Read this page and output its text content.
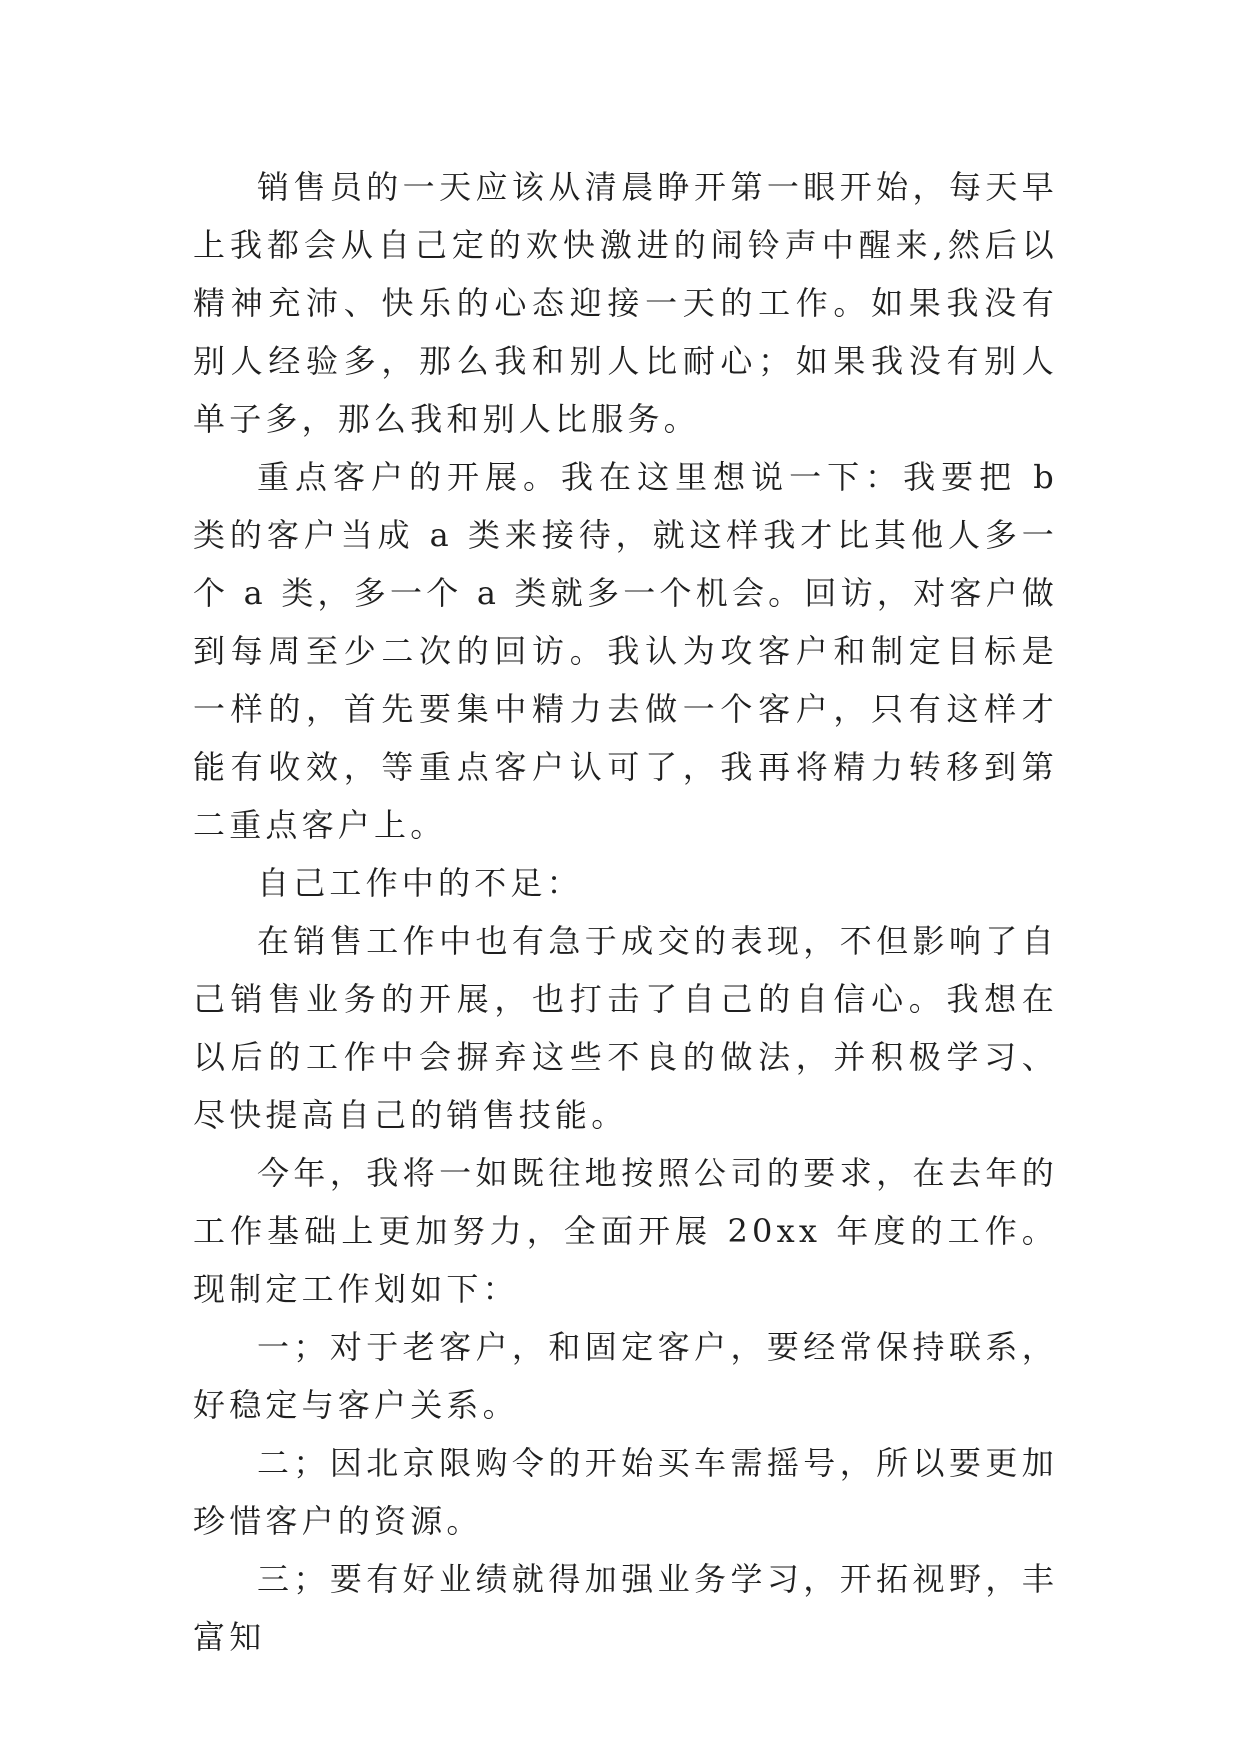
销售员的一天应该从清晨睁开第一眼开始，每天早上我都会从自己定的欢快激进的闹铃声中醒来,然后以精神充沛、快乐的心态迎接一天的工作。如果我没有别人经验多，那么我和别人比耐心；如果我没有别人单子多，那么我和别人比服务。

重点客户的开展。我在这里想说一下：我要把 b 类的客户当成 a 类来接待，就这样我才比其他人多一个 a 类，多一个 a 类就多一个机会。回访，对客户做到每周至少二次的回访。我认为攻客户和制定目标是一样的，首先要集中精力去做一个客户，只有这样才能有收效，等重点客户认可了，我再将精力转移到第二重点客户上。

自己工作中的不足：

在销售工作中也有急于成交的表现，不但影响了自己销售业务的开展，也打击了自己的自信心。我想在以后的工作中会摒弃这些不良的做法，并积极学习、尽快提高自己的销售技能。

今年，我将一如既往地按照公司的要求，在去年的工作基础上更加努力，全面开展 20xx 年度的工作。现制定工作划如下：

一；对于老客户，和固定客户，要经常保持联系，好稳定与客户关系。

二；因北京限购令的开始买车需摇号，所以要更加珍惜客户的资源。

三；要有好业绩就得加强业务学习，开拓视野，丰富知
